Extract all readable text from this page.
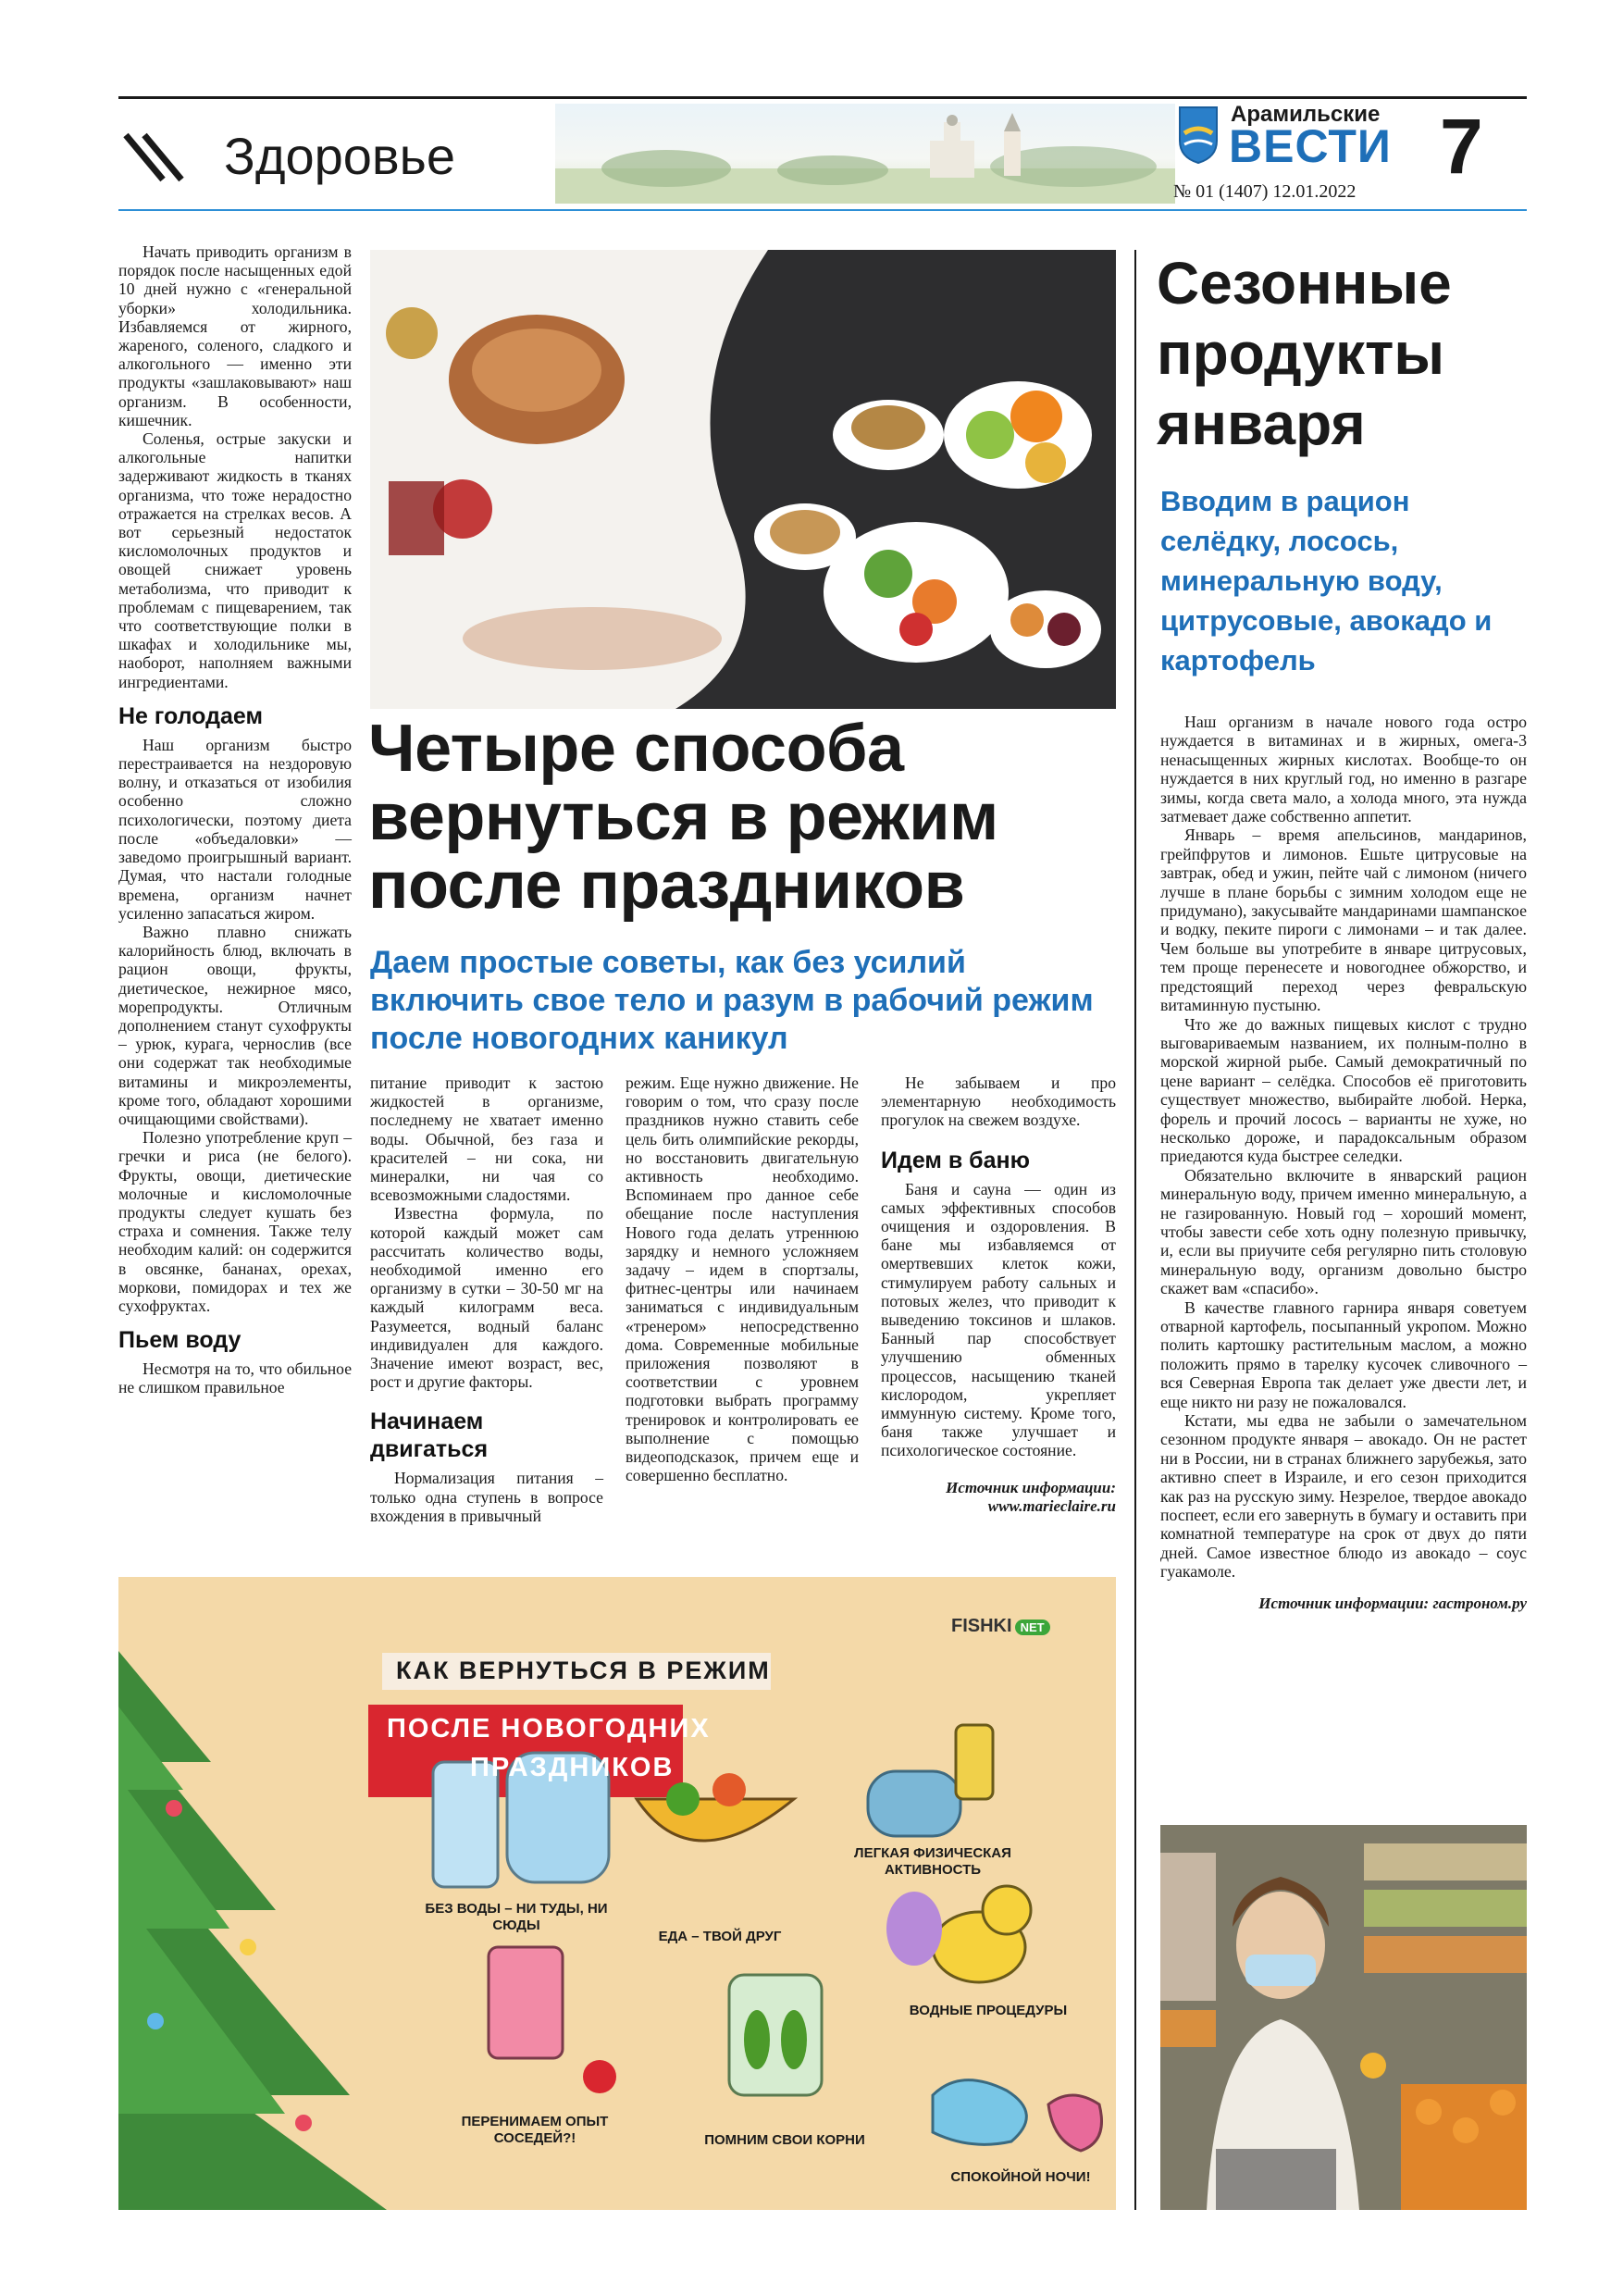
Здоровье
Арамильские
ВЕСТИ
№ 01 (1407) 12.01.2022
7

Начать приводить организм в порядок после насыщенных едой 10 дней нужно с «генеральной уборки» холодильника. Избавляемся от жирного, жареного, соленого, сладкого и алкогольного — именно эти продукты «зашлаковывают» наш организм. В особенности, кишечник.

Соленья, острые закуски и алкогольные напитки задерживают жидкость в тканях организма, что тоже нерадостно отражается на стрелках весов. А вот серьезный недостаток кисломолочных продуктов и овощей снижает уровень метаболизма, что приводит к проблемам с пищеварением, так что соответствующие полки в шкафах и холодильнике мы, наоборот, наполняем важными ингредиентами.

Не голодаем

Наш организм быстро перестраивается на нездоровую волну, и отказаться от изобилия особенно сложно психологически, поэтому диета после «объедаловки» — заведомо проигрышный вариант. Думая, что настали голодные времена, организм начнет усиленно запасаться жиром.

Важно плавно снижать калорийность блюд, включать в рацион овощи, фрукты, диетическое, нежирное мясо, морепродукты. Отличным дополнением станут сухофрукты – урюк, курага, чернослив (все они содержат так необходимые витамины и микроэлементы, кроме того, обладают хорошими очищающими свойствами).

Полезно употребление круп – гречки и риса (не белого). Фрукты, овощи, диетические молочные и кисломолочные продукты следует кушать без страха и сомнения. Также телу необходим калий: он содержится в овсянке, бананах, орехах, моркови, помидорах и тех же сухофруктах.

Пьем воду

Несмотря на то, что обильное не слишком правильное

Четыре способа вернуться в режим после праздников
Даем простые советы, как без усилий включить свое тело и разум в рабочий режим после новогодних каникул

питание приводит к застою жидкостей в организме, последнему не хватает именно воды. Обычной, без газа и красителей – ни сока, ни минералки, ни чая со всевозможными сладостями.

Известна формула, по которой каждый может сам рассчитать количество воды, необходимой именно его организму в сутки – 30-50 мг на каждый килограмм веса. Разумеется, водный баланс индивидуален для каждого. Значение имеют возраст, вес, рост и другие факторы.

Начинаем двигаться

Нормализация питания – только одна ступень в вопросе вхождения в привычный

режим. Еще нужно движение. Не говорим о том, что сразу после праздников нужно ставить себе цель бить олимпийские рекорды, но восстановить двигательную активность необходимо. Вспоминаем про данное себе обещание после наступления Нового года делать утреннюю зарядку и немного усложняем задачу – идем в спортзалы, фитнес-центры или начинаем заниматься с индивидуальным «тренером» непосредственно дома. Современные мобильные приложения позволяют в соответствии с уровнем подготовки выбрать программу тренировок и контролировать ее выполнение с помощью видеоподсказок, причем еще и совершенно бесплатно.

Не забываем и про элементарную необходимость прогулок на свежем воздухе.

Идем в баню

Баня и сауна — один из самых эффективных способов очищения и оздоровления. В бане мы избавляемся от омертвевших клеток кожи, стимулируем работу сальных и потовых желез, что приводит к выведению токсинов и шлаков. Банный пар способствует улучшению обменных процессов, насыщению тканей кислородом, укрепляет иммунную систему. Кроме того, баня также улучшает и психологическое состояние.

Источник информации:
www.marieclaire.ru
КАК ВЕРНУТЬСЯ В РЕЖИМ
ПОСЛЕ НОВОГОДНИХ
ПРАЗДНИКОВ
FISHKI NET
БЕЗ ВОДЫ – НИ ТУДЫ, НИ СЮДЫ
ЕДА – ТВОЙ ДРУГ
ЛЕГКАЯ ФИЗИЧЕСКАЯ АКТИВНОСТЬ
ПЕРЕНИМАЕМ ОПЫТ СОСЕДЕЙ?!	ПОМНИМ СВОИ КОРНИ
ВОДНЫЕ ПРОЦЕДУРЫ
СПОКОЙНОЙ НОЧИ!
Сезонные продукты января
Вводим в рацион селёдку, лосось, минеральную воду, цитрусовые, авокадо и картофель

Наш организм в начале нового года остро нуждается в витаминах и в жирных, омега-3 ненасыщенных жирных кислотах. Вообще-то он нуждается в них круглый год, но именно в разгаре зимы, когда света мало, а холода много, эта нужда затмевает даже собственно аппетит.

Январь – время апельсинов, мандаринов, грейпфрутов и лимонов. Ешьте цитрусовые на завтрак, обед и ужин, пейте чай с лимоном (ничего лучше в плане борьбы с зимним холодом еще не придумано), закусывайте мандаринами шампанское и водку, пеките пироги с лимонами – и так далее. Чем больше вы употребите в январе цитрусовых, тем проще перенесете и новогоднее обжорство, и предстоящий переход через февральскую витаминную пустыню.

Что же до важных пищевых кислот с трудно выговариваемым названием, их полным-полно в морской жирной рыбе. Самый демократичный по цене вариант – селёдка. Способов её приготовить существует множество, выбирайте любой. Нерка, форель и прочий лосось – варианты не хуже, но несколько дороже, и парадоксальным образом приедаются куда быстрее селедки.

Обязательно включите в январский рацион минеральную воду, причем именно минеральную, а не газированную. Новый год – хороший момент, чтобы завести себе хоть одну полезную привычку, и, если вы приучите себя регулярно пить столовую минеральную воду, организм довольно быстро скажет вам «спасибо».

В качестве главного гарнира января советуем отварной картофель, посыпанный укропом. Можно полить картошку растительным маслом, а можно положить прямо в тарелку кусочек сливочного – вся Северная Европа так делает уже двести лет, и еще никто ни разу не пожаловался.

Кстати, мы едва не забыли о замечательном сезонном продукте января – авокадо. Он не растет ни в России, ни в странах ближнего зарубежья, зато активно спеет в Израиле, и его сезон приходится как раз на русскую зиму. Незрелое, твердое авокадо поспеет, если его завернуть в бумагу и оставить при комнатной температуре на срок от двух до пяти дней. Самое известное блюдо из авокадо – соус гуакамоле.

Источник информации: гастроном.ру
